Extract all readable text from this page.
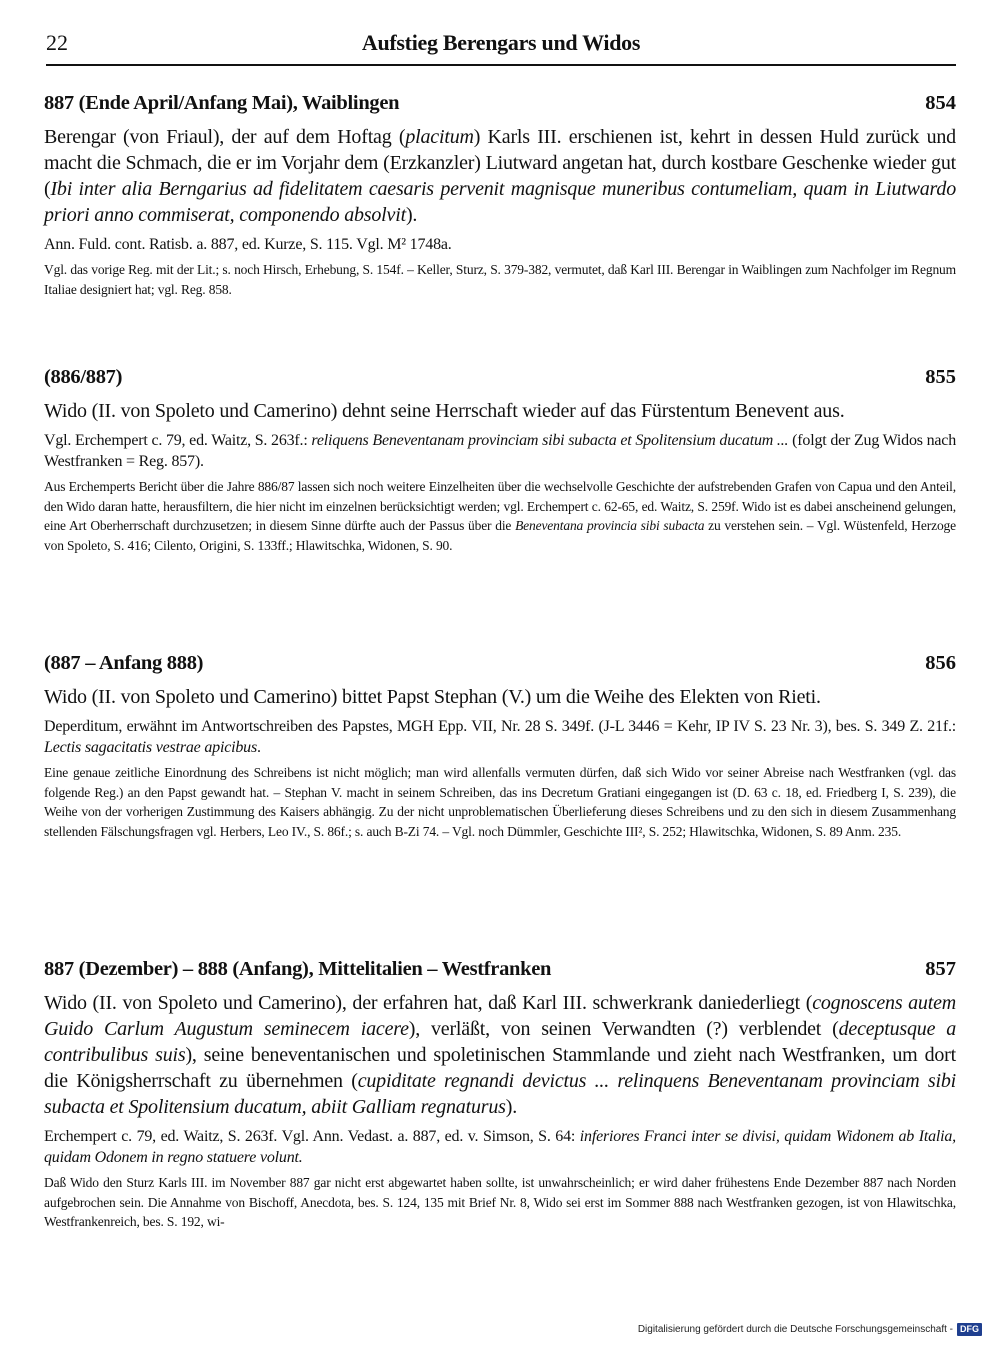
22	Aufstieg Berengars und Widos
887 (Ende April/Anfang Mai), Waiblingen	854

Berengar (von Friaul), der auf dem Hoftag (placitum) Karls III. erschienen ist, kehrt in dessen Huld zurück und macht die Schmach, die er im Vorjahr dem (Erzkanzler) Liutward angetan hat, durch kostbare Geschenke wieder gut (Ibi inter alia Berngarius ad fidelitatem caesaris pervenit magnisque muneribus contumeliam, quam in Liutwardo priori anno commiserat, componendo absolvit).

Ann. Fuld. cont. Ratisb. a. 887, ed. Kurze, S. 115. Vgl. M² 1748a.

Vgl. das vorige Reg. mit der Lit.; s. noch Hirsch, Erhebung, S. 154f. – Keller, Sturz, S. 379-382, vermutet, daß Karl III. Berengar in Waiblingen zum Nachfolger im Regnum Italiae designiert hat; vgl. Reg. 858.

(886/887)	855

Wido (II. von Spoleto und Camerino) dehnt seine Herrschaft wieder auf das Fürstentum Benevent aus.

Vgl. Erchempert c. 79, ed. Waitz, S. 263f.: reliquens Beneventanam provinciam sibi subacta et Spolitensium ducatum ... (folgt der Zug Widos nach Westfranken = Reg. 857).

Aus Erchemperts Bericht über die Jahre 886/87 lassen sich noch weitere Einzelheiten über die wechselvolle Geschichte der aufstrebenden Grafen von Capua und den Anteil, den Wido daran hatte, herausfiltern, die hier nicht im einzelnen berücksichtigt werden; vgl. Erchempert c. 62-65, ed. Waitz, S. 259f. Wido ist es dabei anscheinend gelungen, eine Art Oberherrschaft durchzusetzen; in diesem Sinne dürfte auch der Passus über die Beneventana provincia sibi subacta zu verstehen sein. – Vgl. Wüstenfeld, Herzoge von Spoleto, S. 416; Cilento, Origini, S. 133ff.; Hlawitschka, Widonen, S. 90.

(887 – Anfang 888)	856

Wido (II. von Spoleto und Camerino) bittet Papst Stephan (V.) um die Weihe des Elekten von Rieti.

Deperditum, erwähnt im Antwortschreiben des Papstes, MGH Epp. VII, Nr. 28 S. 349f. (J-L 3446 = Kehr, IP IV S. 23 Nr. 3), bes. S. 349 Z. 21f.: Lectis sagacitatis vestrae apicibus.

Eine genaue zeitliche Einordnung des Schreibens ist nicht möglich; man wird allenfalls vermuten dürfen, daß sich Wido vor seiner Abreise nach Westfranken (vgl. das folgende Reg.) an den Papst gewandt hat. – Stephan V. macht in seinem Schreiben, das ins Decretum Gratiani eingegangen ist (D. 63 c. 18, ed. Friedberg I, S. 239), die Weihe von der vorherigen Zustimmung des Kaisers abhängig. Zu der nicht unproblematischen Überlieferung dieses Schreibens und zu den sich in diesem Zusammenhang stellenden Fälschungsfragen vgl. Herbers, Leo IV., S. 86f.; s. auch B-Zi 74. – Vgl. noch Dümmler, Geschichte III², S. 252; Hlawitschka, Widonen, S. 89 Anm. 235.

887 (Dezember) – 888 (Anfang), Mittelitalien – Westfranken	857

Wido (II. von Spoleto und Camerino), der erfahren hat, daß Karl III. schwerkrank daniederliegt (cognoscens autem Guido Carlum Augustum seminecem iacere), verläßt, von seinen Verwandten (?) verblendet (deceptusque a contribulibus suis), seine beneventanischen und spoletinischen Stammlande und zieht nach Westfranken, um dort die Königsherrschaft zu übernehmen (cupiditate regnandi devictus ... relinquens Beneventanam provinciam sibi subacta et Spolitensium ducatum, abiit Galliam regnaturus).

Erchempert c. 79, ed. Waitz, S. 263f. Vgl. Ann. Vedast. a. 887, ed. v. Simson, S. 64: inferiores Franci inter se divisi, quidam Widonem ab Italia, quidam Odonem in regno statuere volunt.

Daß Wido den Sturz Karls III. im November 887 gar nicht erst abgewartet haben sollte, ist unwahrscheinlich; er wird daher frühestens Ende Dezember 887 nach Norden aufgebrochen sein. Die Annahme von Bischoff, Anecdota, bes. S. 124, 135 mit Brief Nr. 8, Wido sei erst im Sommer 888 nach Westfranken gezogen, ist von Hlawitschka, Westfrankenreich, bes. S. 192, wi-

Digitalisierung gefördert durch die Deutsche Forschungsgemeinschaft - DFG
